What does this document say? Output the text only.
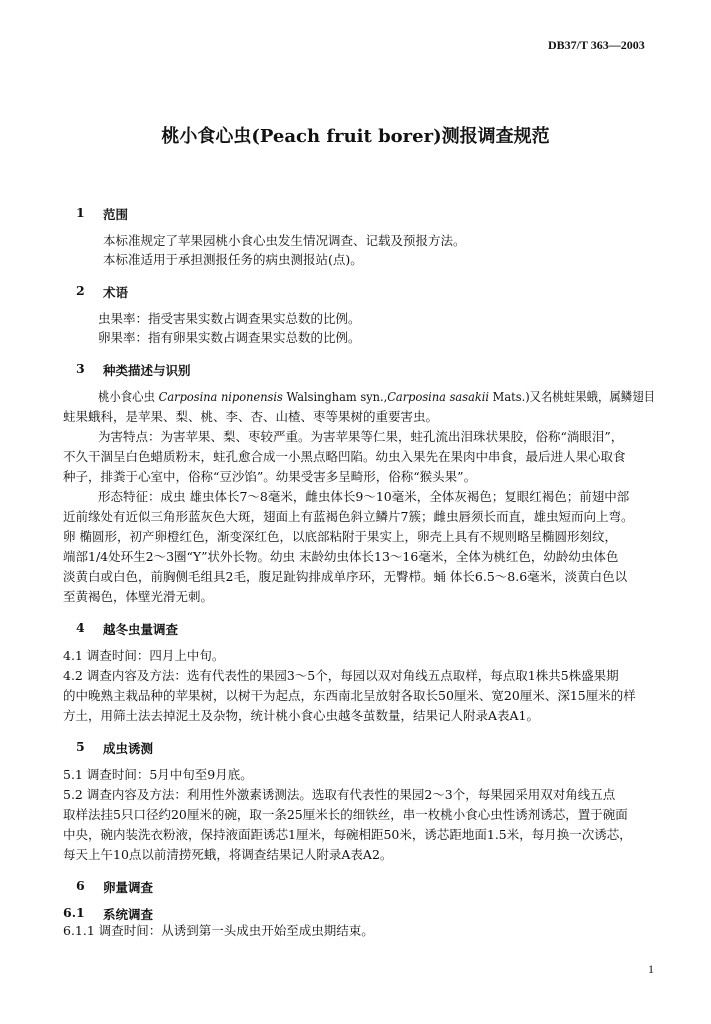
DB37/T 363—2003
桃小食心虫(Peach fruit borer)测报调查规范
1 范围
本标准规定了苹果园桃小食心虫发生情况调查、记载及预报方法。
本标准适用于承担测报任务的病虫测报站(点)。
2 术语
虫果率：指受害果实数占调查果实总数的比例。
卵果率：指有卵果实数占调查果实总数的比例。
3 种类描述与识别
桃小食心虫 Carposina niponensis Walsingham syn.,Carposina sasakii Mats.)又名桃蛀果蛾，属鳞翅目
蛀果蛾科，是苹果、梨、桃、李、杏、山楂、枣等果树的重要害虫。
为害特点：为害苹果、梨、枣较严重。为害苹果等仁果，蛀孔流出泪珠状果胶，俗称“淌眼泪”，
不久干涸呈白色蜡质粉末，蛀孔愈合成一小黑点略凹陷。幼虫入果先在果肉中串食，最后进人果心取食
种子，排粪于心室中，俗称“豆沙馅”。幼果受害多呈畸形，俗称“猴头果”。
形态特征：成虫 雄虫体长7～8毫米，雌虫体长9～10毫米，全体灰褐色；复眼红褐色；前翅中部
近前缘处有近似三角形蓝灰色大斑，翅面上有蓝褐色斜立鳞片7簇；雌虫唇须长而直，雄虫短而向上弯。
卵 椭圆形，初产卵橙红色，渐变深红色，以底部粘附于果实上，卵壳上具有不规则略呈椭圆形刻纹，
端部1/4处环生2～3圈“Y”状外长物。幼虫 末龄幼虫体长13～16毫米，全体为桃红色，幼龄幼虫体色
淡黄白或白色，前胸侧毛组具2毛，腹足趾钩排成单序环，无臀栉。蛹 体长6.5～8.6毫米，淡黄白色以
至黄褐色，体壁光滑无刺。
4 越冬虫量调查
4.1 调查时间：四月上中旬。
4.2 调查内容及方法：选有代表性的果园3～5个，每园以双对角线五点取样，每点取1株共5株盛果期
的中晚熟主栽品种的苹果树，以树干为起点，东西南北呈放射各取长50厘米、宽20厘米、深15厘米的样
方土，用筛土法去掉泥土及杂物，统计桃小食心虫越冬茧数量，结果记人附录A表A1。
5 成虫诱测
5.1 调查时间：5月中旬至9月底。
5.2 调查内容及方法：利用性外激素诱测法。选取有代表性的果园2～3个，每果园采用双对角线五点
取样法挂5只口径约20厘米的碗，取一条25厘米长的细铁丝，串一枚桃小食心虫性诱剂诱芯，置于碗面
中央，碗内装洗衣粉液，保持液面距诱芯1厘米，每碗相距50米，诱芯距地面1.5米，每月换一次诱芯，
每天上午10点以前清捞死蛾，将调查结果记人附录A表A2。
6 卵量调查
6.1 系统调查
6.1.1 调查时间：从诱到第一头成虫开始至成虫期结束。
1
